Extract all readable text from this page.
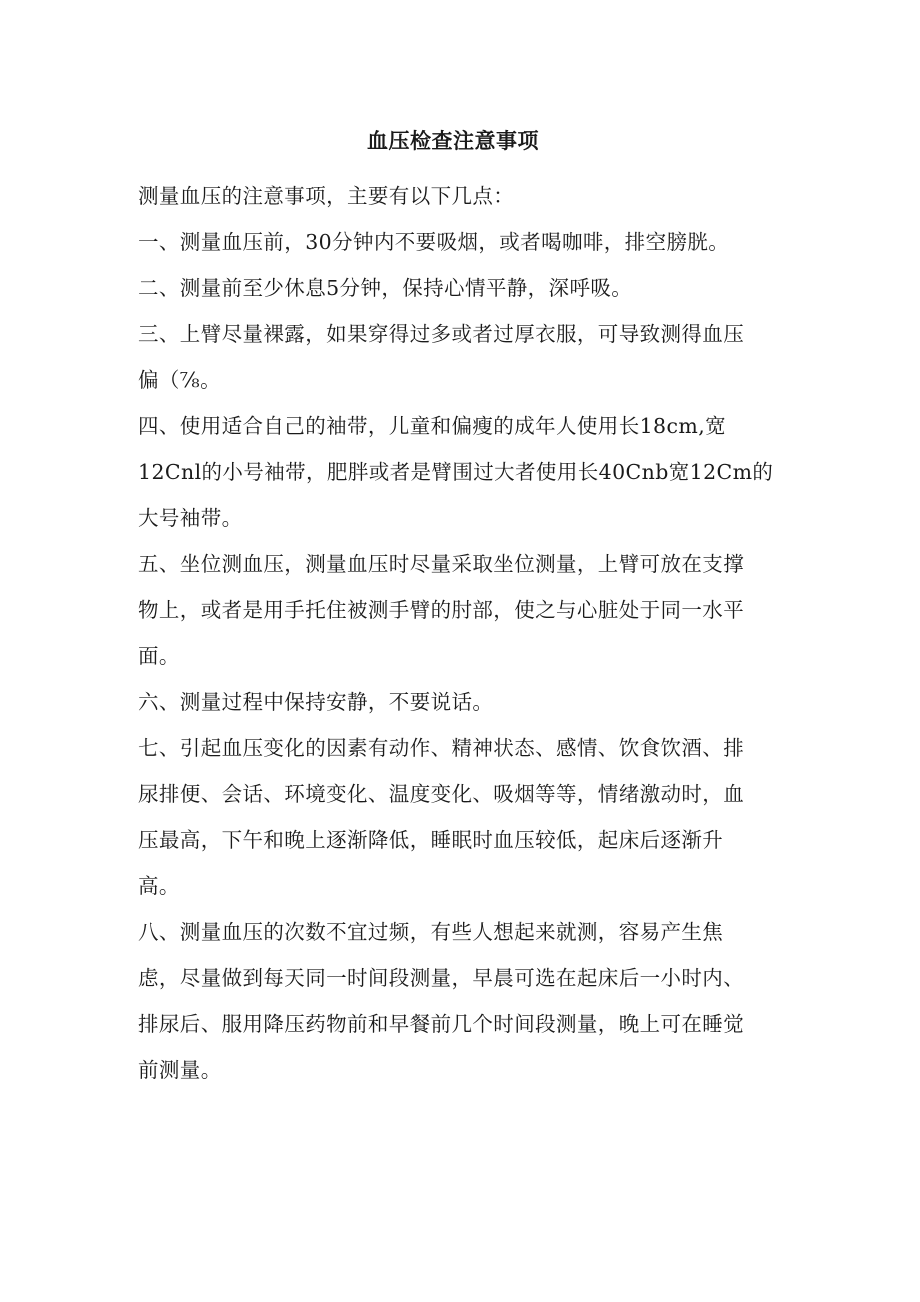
血压检查注意事项

测量血压的注意事项，主要有以下几点：

一、测量血压前，30分钟内不要吸烟，或者喝咖啡，排空膀胱。

二、测量前至少休息5分钟，保持心情平静，深呼吸。

三、上臂尽量裸露，如果穿得过多或者过厚衣服，可导致测得血压
偏（⅞。

四、使用适合自己的袖带，儿童和偏瘦的成年人使用长18cm,宽
12Cnl的小号袖带，肥胖或者是臂围过大者使用长40Cnb宽12Cm的
大号袖带。

五、坐位测血压，测量血压时尽量采取坐位测量，上臂可放在支撑
物上，或者是用手托住被测手臂的肘部，使之与心脏处于同一水平
面。

六、测量过程中保持安静，不要说话。

七、引起血压变化的因素有动作、精神状态、感情、饮食饮酒、排
尿排便、会话、环境变化、温度变化、吸烟等等，情绪激动时，血
压最高，下午和晚上逐渐降低，睡眠时血压较低，起床后逐渐升
高。

八、测量血压的次数不宜过频，有些人想起来就测，容易产生焦
虑，尽量做到每天同一时间段测量，早晨可选在起床后一小时内、
排尿后、服用降压药物前和早餐前几个时间段测量，晚上可在睡觉
前测量。
